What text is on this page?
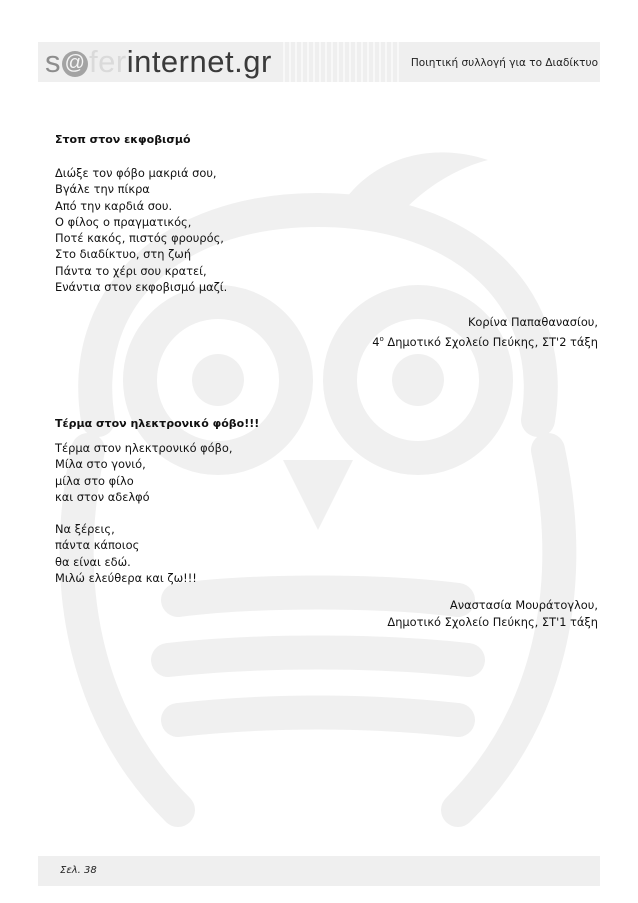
s @ ferinternet.gr	Ποιητική συλλογή για το Διαδίκτυο
Στοπ στον εκφοβισμό
Διώξε τον φόβο μακριά σου,
Βγάλε την πίκρα
Από την καρδιά σου.
Ο φίλος ο πραγματικός,
Ποτέ κακός, πιστός φρουρός,
Στο διαδίκτυο, στη ζωή
Πάντα το χέρι σου κρατεί,
Ενάντια στον εκφοβισμό μαζί.
Κορίνα Παπαθανασίου,
$4^o$ Δημοτικό Σχολείο Πεύκης, ΣΤ'2 τάξη
Τέρμα στον ηλεκτρονικό φόβο!!!
Τέρμα στον ηλεκτρονικό φόβο,
Μίλα στο γονιό,
μίλα στο φίλο
και στον αδελφό
Να ξέρεις,
πάντα κάποιος
θα είναι εδώ.
Μιλώ ελεύθερα και ζω!!!
Αναστασία Μουράτογλου,
Δημοτικό Σχολείο Πεύκης, ΣΤ'1 τάξη
Σελ. 38
